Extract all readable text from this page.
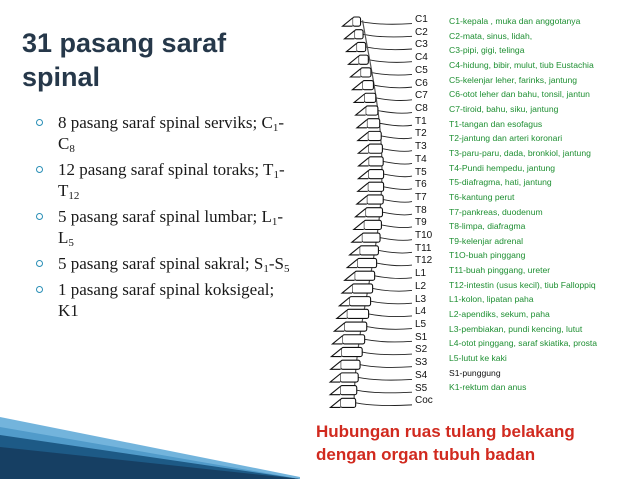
31 pasang saraf
spinal
8 pasang saraf spinal serviks; $C_1-C_8$
12 pasang saraf spinal toraks; $T_1-T_{12}$
5 pasang saraf spinal lumbar; $L_1-L_5$
5 pasang saraf spinal sakral; $S_1-S_5$
1 pasang saraf spinal koksigeal; K1
C1
C2
C3
C4
C5
C6
C7
C8
T1
T2
T3
T4
T5
T6
T7
T8
T9
T10
T11
T12
L1
L2
L3
L4
L5
S1
S2
S3
S4
S5
Coc
C1-kepala , muka dan anggotanya
C2-mata, sinus, lidah,
C3-pipi, gigi, telinga
C4-hidung, bibir, mulut, tiub Eustachia
C5-kelenjar leher, farinks, jantung
C6-otot leher dan bahu, tonsil, jantun
C7-tiroid, bahu, siku, jantung
T1-tangan dan esofagus
T2-jantung dan arteri koronari
T3-paru-paru, dada, bronkiol, jantung
T4-Pundi hempedu, jantung
T5-diafragma, hati, jantung
T6-kantung perut
T7-pankreas, duodenum
T8-limpa, diafragma
T9-kelenjar adrenal
T1O-buah pinggang
T11-buah pinggang, ureter
T12-intestin (usus kecil), tiub Falloppiq
L1-kolon, lipatan paha
L2-apendiks, sekum, paha
L3-pembiakan, pundi kencing, lutut
L4-otot pinggang, saraf skiatika, prosta
L5-lutut ke kaki
S1-punggung
K1-rektum dan anus
Hubungan ruas tulang belakang
dengan organ tubuh badan
